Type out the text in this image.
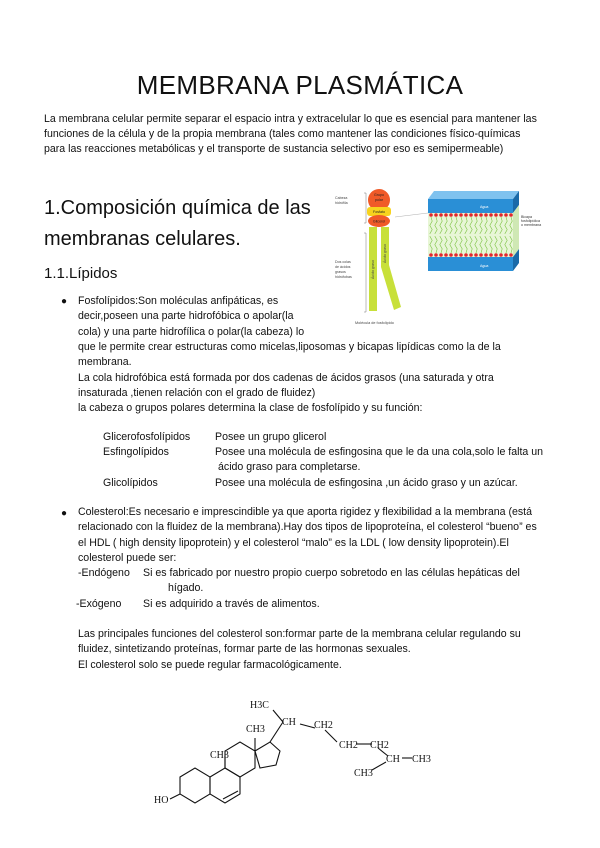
MEMBRANA PLASMÁTICA
La membrana celular permite separar el espacio intra y extracelular lo que es esencial para mantener las
funciones de la célula y de la propia membrana (tales como mantener las condiciones físico-químicas
para las reacciones metabólicas y el transporte de sustancia selectivo por eso es semipermeable)
1.Composición química de las
membranas celulares.
1.1.Lípidos
● Fosfolípidos:Son moléculas anfipáticas, es
decir,poseen una parte hidrofóbica o apolar(la
cola) y una parte hidrofílica o polar(la cabeza) lo
que le permite crear estructuras como micelas,liposomas y bicapas lipídicas como la de la
membrana.
La cola hidrofóbica está formada por dos cadenas de ácidos grasos (una saturada y otra
insaturada ,tienen relación con el grado de fluidez)
la cabeza o grupos polares determina la clase de fosfolípido y su función:
Glicerofosfolípidos Posee un grupo glicerol
Esfingolípidos	Posee una molécula de esfingosina que le da una cola,solo le falta un
ácido graso para completarse.
Glicolípidos	Posee una molécula de esfingosina ,un ácido graso y un azúcar.
● Colesterol:Es necesario e imprescindible ya que aporta rigidez y flexibilidad a la membrana (está
relacionado con la fluidez de la membrana).Hay dos tipos de lipoproteína, el colesterol “bueno” es
el HDL ( high density lipoprotein) y el colesterol “malo” es la LDL ( low density lipoprotein).El
colesterol puede ser:
-Endógeno Si es fabricado por nuestro propio cuerpo sobretodo en las células hepáticas del
hígado.
-Exógeno Si es adquirido a través de alimentos.
Las principales funciones del colesterol son:formar parte de la membrana celular regulando su
fluidez, sintetizando proteínas, formar parte de las hormonas sexuales.
El colesterol solo se puede regular farmacológicamente.
Cabeza
hidrófila
Dos colas
de ácidos
grasos
hidrófobas
Grupo
polar
Fosfato
Glicerol
Ácido graso
Ácido graso
Molécula de fosfolípido
Agua
Agua
Bicapa
fosfolipídica
o membrana
H3C
CH3
CH CH2
CH2 CH2
CH3
CH CH3
HO
CH3
